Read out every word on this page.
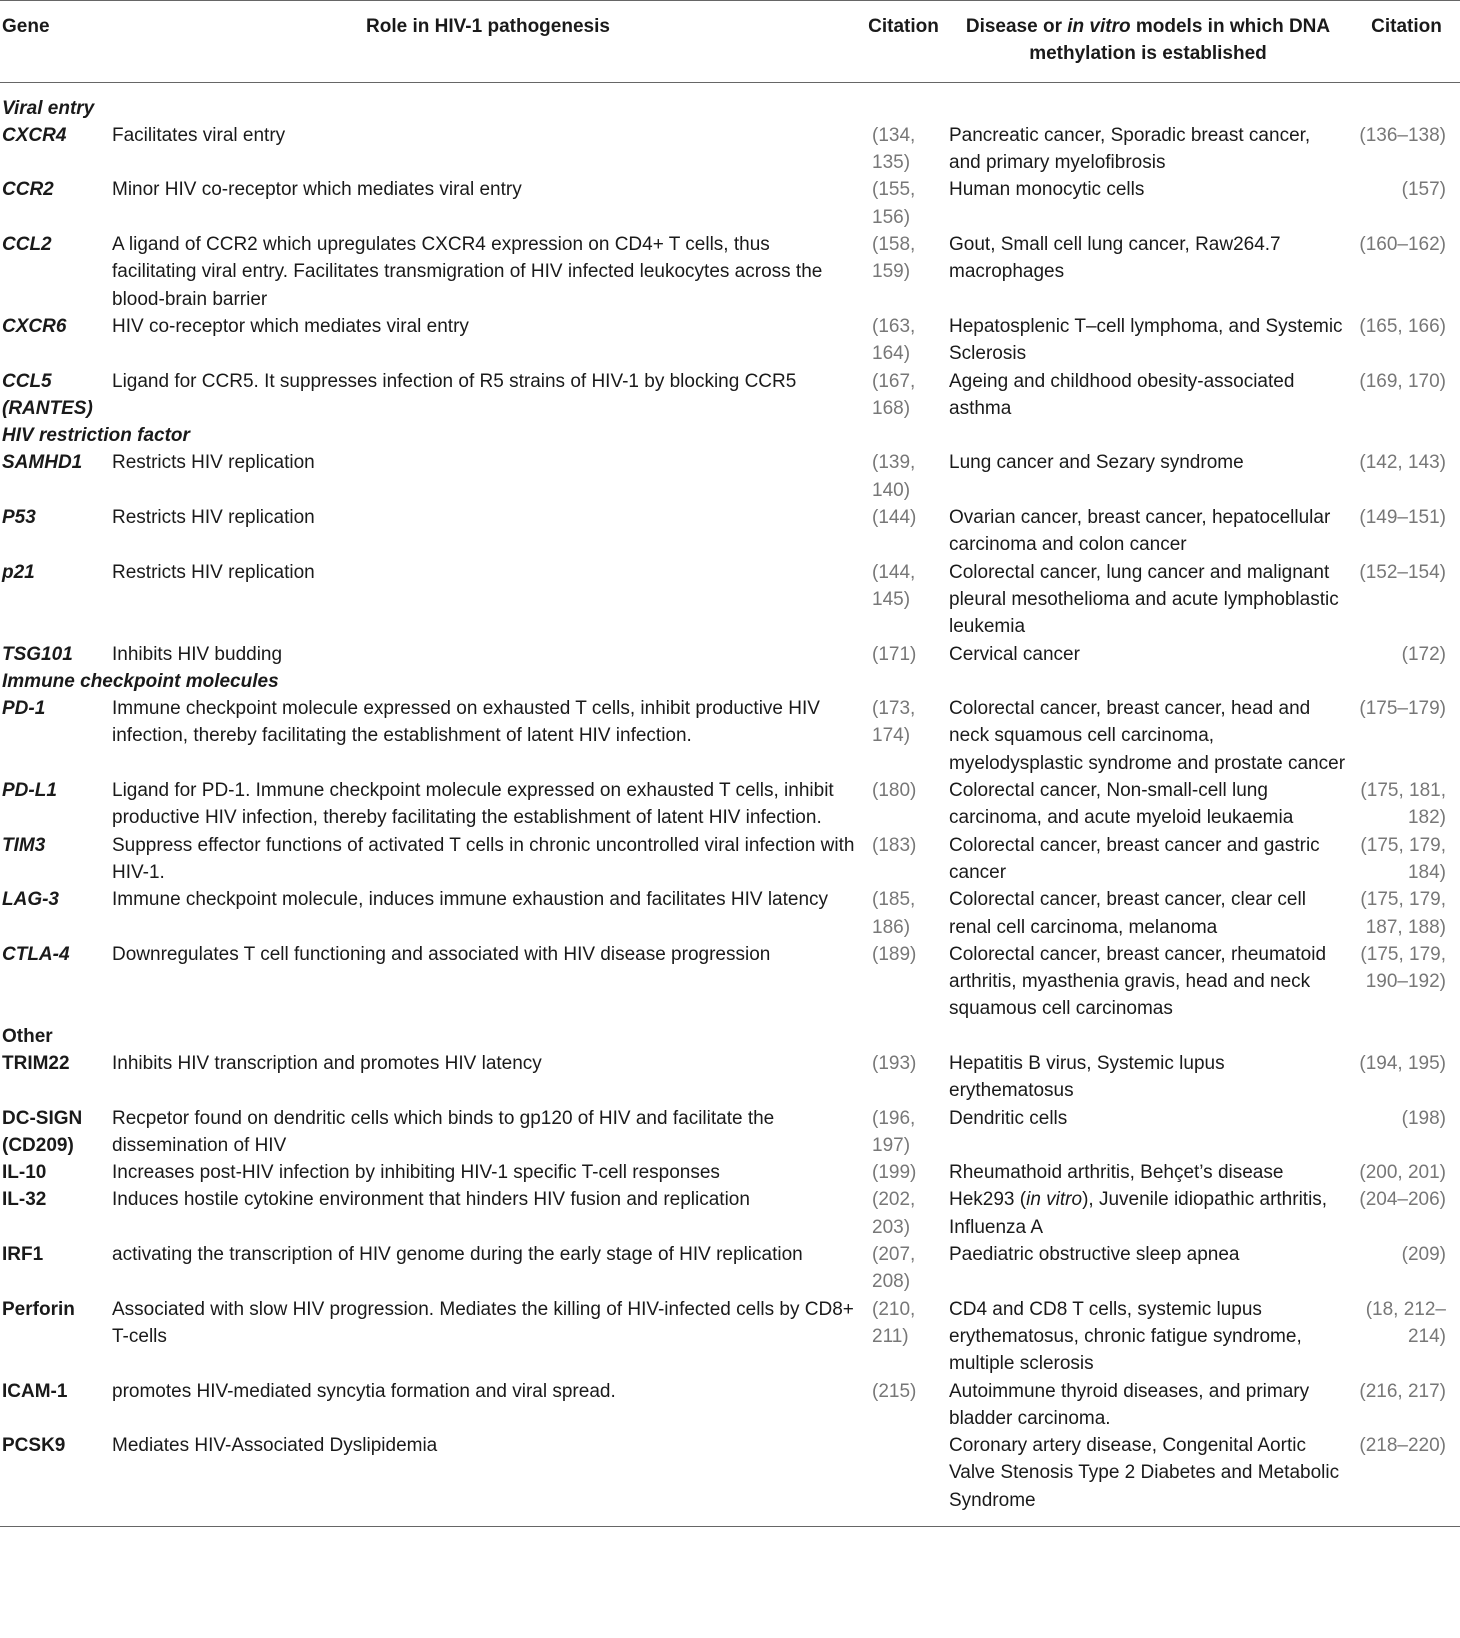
Gene	Role in HIV-1 pathogenesis	Citation	Disease or in vitro models in which DNA methylation is established	Citation
Viral entry				
CXCR4	Facilitates viral entry	(134, 135)	Pancreatic cancer, Sporadic breast cancer, and primary myelofibrosis	(136–138)
CCR2	Minor HIV co-receptor which mediates viral entry	(155, 156)	Human monocytic cells	(157)
CCL2	A ligand of CCR2 which upregulates CXCR4 expression on CD4+ T cells, thus facilitating viral entry. Facilitates transmigration of HIV infected leukocytes across the blood-brain barrier	(158, 159)	Gout, Small cell lung cancer, Raw264.7 macrophages	(160–162)
CXCR6	HIV co-receptor which mediates viral entry	(163, 164)	Hepatosplenic T–cell lymphoma, and Systemic Sclerosis	(165, 166)
CCL5 (RANTES)	Ligand for CCR5. It suppresses infection of R5 strains of HIV-1 by blocking CCR5	(167, 168)	Ageing and childhood obesity-associated asthma	(169, 170)
HIV restriction factor				
SAMHD1	Restricts HIV replication	(139, 140)	Lung cancer and Sezary syndrome	(142, 143)
P53	Restricts HIV replication	(144)	Ovarian cancer, breast cancer, hepatocellular carcinoma and colon cancer	(149–151)
p21	Restricts HIV replication	(144, 145)	Colorectal cancer, lung cancer and malignant pleural mesothelioma and acute lymphoblastic leukemia	(152–154)
TSG101	Inhibits HIV budding	(171)	Cervical cancer	(172)
Immune checkpoint molecules				
PD-1	Immune checkpoint molecule expressed on exhausted T cells, inhibit productive HIV infection, thereby facilitating the establishment of latent HIV infection.	(173, 174)	Colorectal cancer, breast cancer, head and neck squamous cell carcinoma, myelodysplastic syndrome and prostate cancer	(175–179)
PD-L1	Ligand for PD-1. Immune checkpoint molecule expressed on exhausted T cells, inhibit productive HIV infection, thereby facilitating the establishment of latent HIV infection.	(180)	Colorectal cancer, Non-small-cell lung carcinoma, and acute myeloid leukaemia	(175, 181, 182)
TIM3	Suppress effector functions of activated T cells in chronic uncontrolled viral infection with HIV-1.	(183)	Colorectal cancer, breast cancer and gastric cancer	(175, 179, 184)
LAG-3	Immune checkpoint molecule, induces immune exhaustion and facilitates HIV latency	(185, 186)	Colorectal cancer, breast cancer, clear cell renal cell carcinoma, melanoma	(175, 179, 187, 188)
CTLA-4	Downregulates T cell functioning and associated with HIV disease progression	(189)	Colorectal cancer, breast cancer, rheumatoid arthritis, myasthenia gravis, head and neck squamous cell carcinomas	(175, 179, 190–192)
Other				
TRIM22	Inhibits HIV transcription and promotes HIV latency	(193)	Hepatitis B virus, Systemic lupus erythematosus	(194, 195)
DC-SIGN (CD209)	Recpetor found on dendritic cells which binds to gp120 of HIV and facilitate the dissemination of HIV	(196, 197)	Dendritic cells	(198)
IL-10	Increases post-HIV infection by inhibiting HIV-1 specific T-cell responses	(199)	Rheumathoid arthritis, Behçet’s disease	(200, 201)
IL-32	Induces hostile cytokine environment that hinders HIV fusion and replication	(202, 203)	Hek293 (in vitro), Juvenile idiopathic arthritis, Influenza A	(204–206)
IRF1	activating the transcription of HIV genome during the early stage of HIV replication	(207, 208)	Paediatric obstructive sleep apnea	(209)
Perforin	Associated with slow HIV progression. Mediates the killing of HIV-infected cells by CD8+ T-cells	(210, 211)	CD4 and CD8 T cells, systemic lupus erythematosus, chronic fatigue syndrome, multiple sclerosis	(18, 212–214)
ICAM-1	promotes HIV-mediated syncytia formation and viral spread.	(215)	Autoimmune thyroid diseases, and primary bladder carcinoma.	(216, 217)
PCSK9	Mediates HIV-Associated Dyslipidemia		Coronary artery disease, Congenital Aortic Valve Stenosis Type 2 Diabetes and Metabolic Syndrome	(218–220)
